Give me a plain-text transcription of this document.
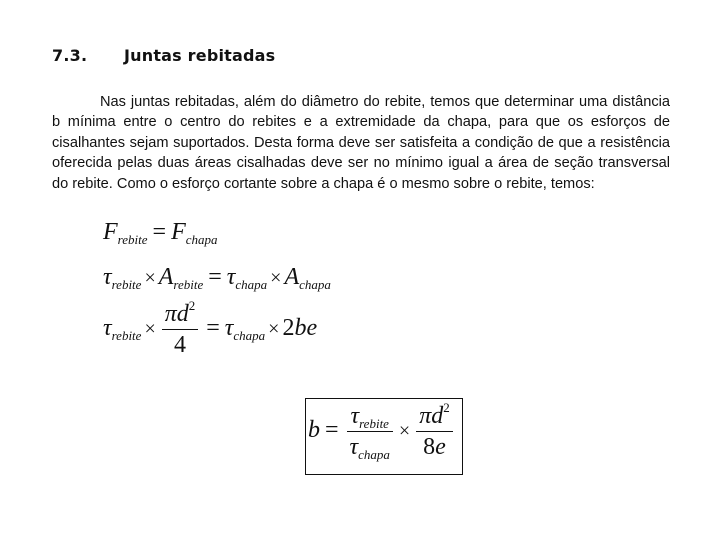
7.3. Juntas rebitadas

Nas juntas rebitadas, além do diâmetro do rebite, temos que determinar uma distância b mínima entre o centro do rebites e a extremidade da chapa, para que os esforços de cisalhantes sejam suportados. Desta forma deve ser satisfeita a condição de que a resistência oferecida pelas duas áreas cisalhadas deve ser no mínimo igual a área de seção transversal do rebite. Como o esforço cortante sobre a chapa é o mesmo sobre o rebite, temos:

$F_{rebite} = F_{chapa}$
$\tau_{rebite} \times A_{rebite} = \tau_{chapa} \times A_{chapa}$
$\tau_{rebite} \times \frac{\pi d^2}{4} = \tau_{chapa} \times 2be$
$b = \frac{\tau_{rebite}}{\tau_{chapa}} \times \frac{\pi d^2}{8e}$
